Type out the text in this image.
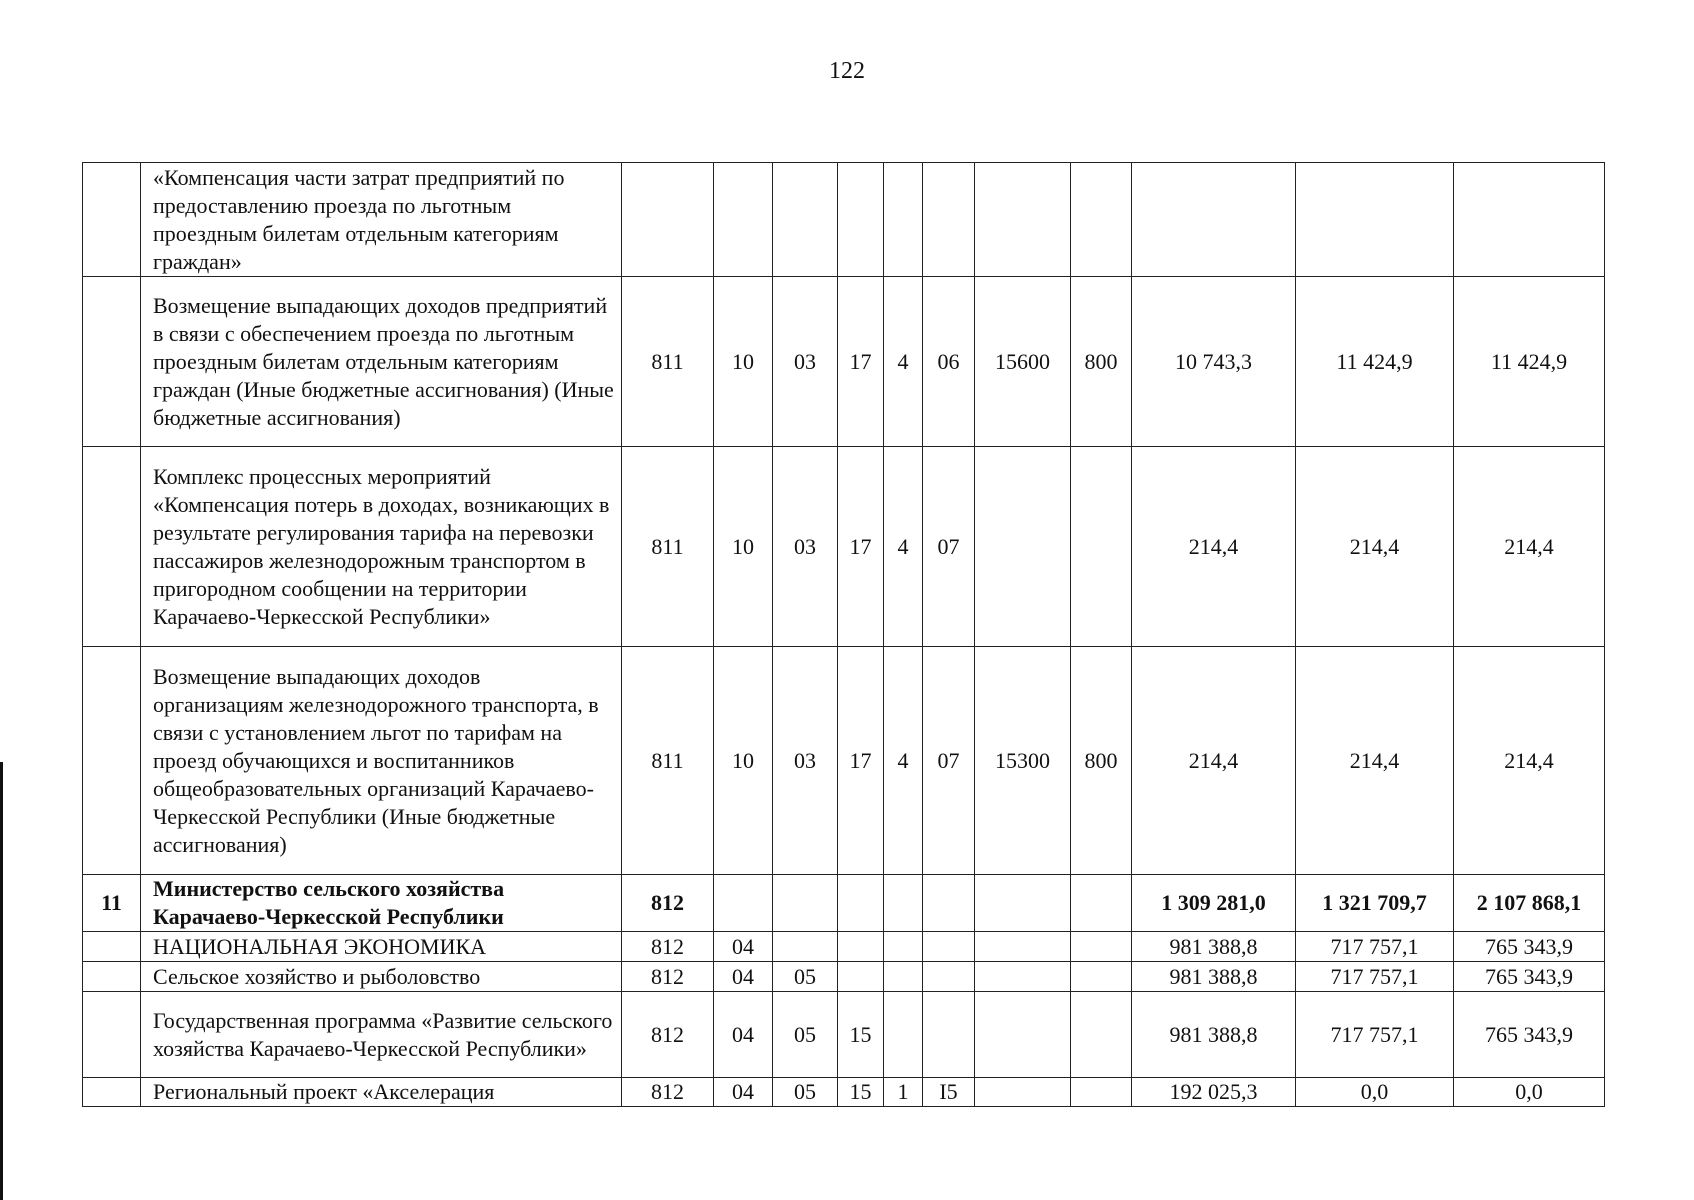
122
	«Компенсация части затрат предприятий по предоставлению проезда по льготным проездным билетам отдельным категориям граждан»											
	Возмещение выпадающих доходов предприятий в связи с обеспечением проезда по льготным проездным билетам отдельным категориям граждан (Иные бюджетные ассигнования) (Иные бюджетные ассигнования)	811	10	03	17	4	06	15600	800	10 743,3	11 424,9	11 424,9
	Комплекс процессных мероприятий «Компенсация потерь в доходах, возникающих в результате регулирования тарифа на перевозки пассажиров железнодорожным транспортом в пригородном сообщении на территории Карачаево-Черкесской Республики»	811	10	03	17	4	07			214,4	214,4	214,4
	Возмещение выпадающих доходов организациям железнодорожного транспорта, в связи с установлением льгот по тарифам на проезд обучающихся и воспитанников общеобразовательных организаций Карачаево-Черкесской Республики (Иные бюджетные ассигнования)	811	10	03	17	4	07	15300	800	214,4	214,4	214,4
11	Министерство сельского хозяйства Карачаево-Черкесской Республики	812								1 309 281,0	1 321 709,7	2 107 868,1
	НАЦИОНАЛЬНАЯ ЭКОНОМИКА	812	04							981 388,8	717 757,1	765 343,9
	Сельское хозяйство и рыболовство	812	04	05						981 388,8	717 757,1	765 343,9
	Государственная программа «Развитие сельского хозяйства Карачаево-Черкесской Республики»	812	04	05	15					981 388,8	717 757,1	765 343,9
	Региональный проект «Акселерация	812	04	05	15	1	I5			192 025,3	0,0	0,0
